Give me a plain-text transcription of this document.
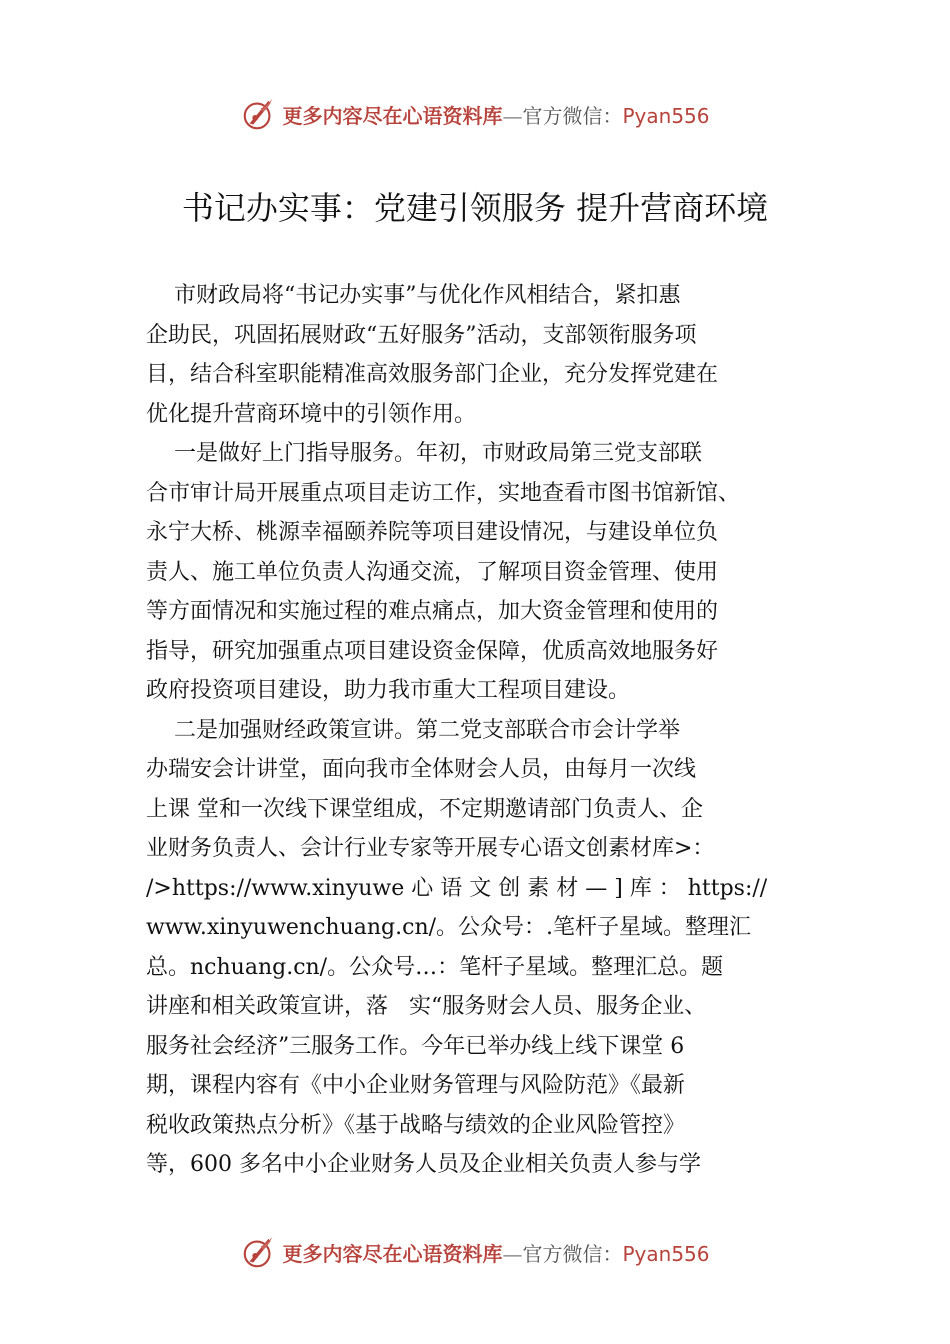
更多内容尽在心语资料库—官方微信：Pyan556
书记办实事：党建引领服务 提升营商环境
市财政局将“书记办实事”与优化作风相结合，紧扣惠
企助民，巩固拓展财政“五好服务”活动，支部领衔服务项
目，结合科室职能精准高效服务部门企业，充分发挥党建在
优化提升营商环境中的引领作用。
一是做好上门指导服务。年初，市财政局第三党支部联
合市审计局开展重点项目走访工作，实地查看市图书馆新馆、
永宁大桥、桃源幸福颐养院等项目建设情况，与建设单位负
责人、施工单位负责人沟通交流，了解项目资金管理、使用
等方面情况和实施过程的难点痛点，加大资金管理和使用的
指导，研究加强重点项目建设资金保障，优质高效地服务好
政府投资项目建设，助力我市重大工程项目建设。
二是加强财经政策宣讲。第二党支部联合市会计学举
办瑞安会计讲堂，面向我市全体财会人员，由每月一次线
上课 堂和一次线下课堂组成，不定期邀请部门负责人、企
业财务负责人、会计行业专家等开展专心语文创素材库>：
/>https://www.xinyuwe 心 语 文 创 素 材 — ] 库 ： https://
www.xinyuwenchuang.cn/。公众号：.笔杆子星域。整理汇
总。nchuang.cn/。公众号…：笔杆子星域。整理汇总。题
讲座和相关政策宣讲，落   实“服务财会人员、服务企业、
服务社会经济”三服务工作。今年已举办线上线下课堂 6
期，课程内容有《中小企业财务管理与风险防范》《最新
税收政策热点分析》《基于战略与绩效的企业风险管控》
等，600 多名中小企业财务人员及企业相关负责人参与学
更多内容尽在心语资料库—官方微信：Pyan556
